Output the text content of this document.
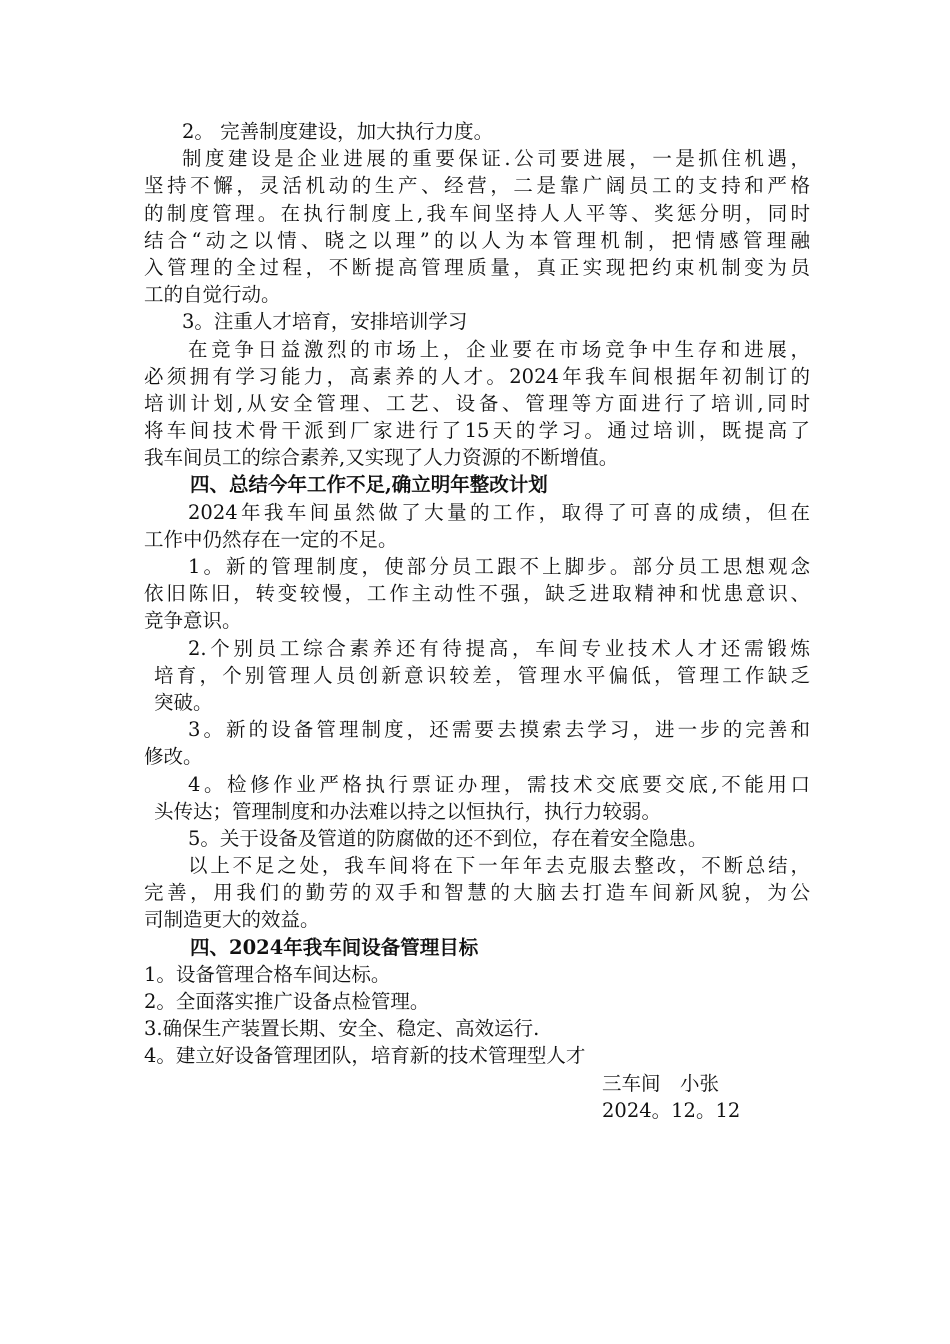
2。 完善制度建设，加大执行力度。
制度建设是企业进展的重要保证.公司要进展，一是抓住机遇，
坚持不懈，灵活机动的生产、经营，二是靠广阔员工的支持和严格
的制度管理。在执行制度上,我车间坚持人人平等、奖惩分明，同时
结合“动之以情、晓之以理”的以人为本管理机制，把情感管理融
入管理的全过程，不断提高管理质量，真正实现把约束机制变为员
工的自觉行动。
3。注重人才培育，安排培训学习
在竞争日益激烈的市场上，企业要在市场竞争中生存和进展，
必须拥有学习能力，高素养的人才。2024年我车间根据年初制订的
培训计划,从安全管理、工艺、设备、管理等方面进行了培训,同时
将车间技术骨干派到厂家进行了15天的学习。通过培训，既提高了
我车间员工的综合素养,又实现了人力资源的不断增值。
四、总结今年工作不足,确立明年整改计划
2024年我车间虽然做了大量的工作，取得了可喜的成绩，但在
工作中仍然存在一定的不足。
1。新的管理制度，使部分员工跟不上脚步。部分员工思想观念
依旧陈旧，转变较慢，工作主动性不强，缺乏进取精神和忧患意识、
竞争意识。
2.个别员工综合素养还有待提高，车间专业技术人才还需锻炼
培育，个别管理人员创新意识较差，管理水平偏低，管理工作缺乏
突破。
3。新的设备管理制度，还需要去摸索去学习，进一步的完善和
修改。
4。检修作业严格执行票证办理，需技术交底要交底,不能用口
头传达；管理制度和办法难以持之以恒执行，执行力较弱。
5。关于设备及管道的防腐做的还不到位，存在着安全隐患。
以上不足之处，我车间将在下一年年去克服去整改，不断总结，
完善，用我们的勤劳的双手和智慧的大脑去打造车间新风貌，为公
司制造更大的效益。
四、2024年我车间设备管理目标
1。设备管理合格车间达标。
2。全面落实推广设备点检管理。
3.确保生产装置长期、安全、稳定、高效运行.
4。建立好设备管理团队，培育新的技术管理型人才
三车间　小张
2024。12。12
